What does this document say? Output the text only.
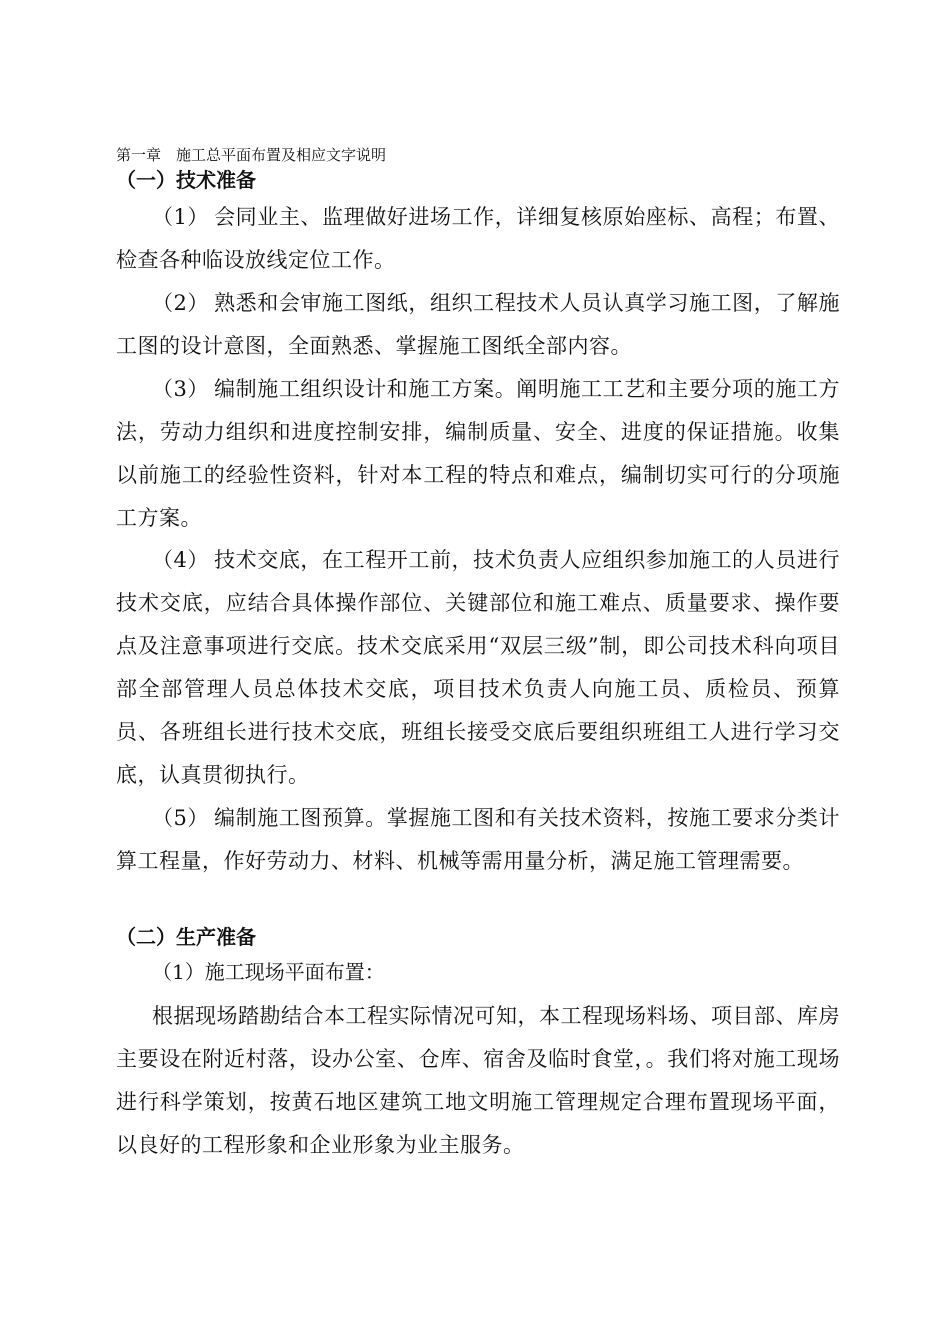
第一章　施工总平面布置及相应文字说明
（一）技术准备

（1） 会同业主、监理做好进场工作，详细复核原始座标、高程；布置、检查各种临设放线定位工作。

（2） 熟悉和会审施工图纸，组织工程技术人员认真学习施工图，了解施工图的设计意图，全面熟悉、掌握施工图纸全部内容。

（3） 编制施工组织设计和施工方案。阐明施工工艺和主要分项的施工方法，劳动力组织和进度控制安排，编制质量、安全、进度的保证措施。收集以前施工的经验性资料，针对本工程的特点和难点，编制切实可行的分项施工方案。

（4） 技术交底，在工程开工前，技术负责人应组织参加施工的人员进行技术交底，应结合具体操作部位、关键部位和施工难点、质量要求、操作要点及注意事项进行交底。技术交底采用“双层三级”制，即公司技术科向项目部全部管理人员总体技术交底，项目技术负责人向施工员、质检员、预算员、各班组长进行技术交底，班组长接受交底后要组织班组工人进行学习交底，认真贯彻执行。

（5） 编制施工图预算。掌握施工图和有关技术资料，按施工要求分类计算工程量，作好劳动力、材料、机械等需用量分析，满足施工管理需要。

（二）生产准备
（1）施工现场平面布置：

根据现场踏勘结合本工程实际情况可知，本工程现场料场、项目部、库房主要设在附近村落，设办公室、仓库、宿舍及临时食堂，。我们将对施工现场进行科学策划，按黄石地区建筑工地文明施工管理规定合理布置现场平面，以良好的工程形象和企业形象为业主服务。
